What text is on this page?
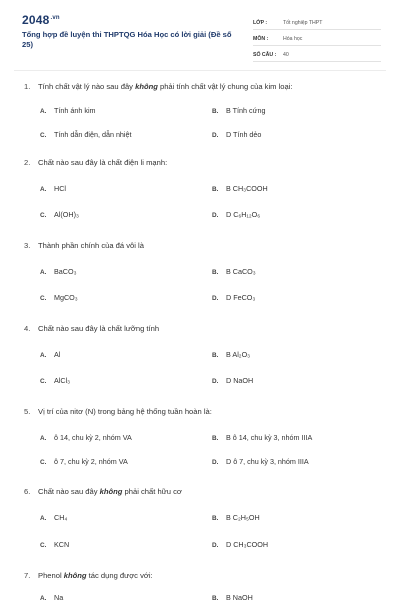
$2048^{.vn}$
Tổng hợp đề luyện thi THPTQG Hóa Học có lời giải (Đề số 25)
LỚP :	Tốt nghiệp THPT
MÔN :	Hóa học
SỐ CÂU :	40
1. Tính chất vật lý nào sau đây không phải tính chất vật lý chung của kim loại:
A. Tính ánh kim	B. B Tính cứng
C. Tính dẫn điện, dẫn nhiệt	D. D Tính dẻo
2. Chất nào sau đây là chất điện li mạnh:
A. HCl	B. B CH₃COOH
C. Al(OH)₃	D. D C₆H₁₂O₆
3. Thành phần chính của đá vôi là
A. BaCO₃	B. B CaCO₃
C. MgCO₃	D. D FeCO₃
4. Chất nào sau đây là chất lưỡng tính
A. Al	B. B Al₂O₃
C. AlCl₃	D. D NaOH
5. Vị trí của nitơ (N) trong bảng hệ thống tuần hoàn là:
A. ô 14, chu kỳ 2, nhóm VA	B. B ô 14, chu kỳ 3, nhóm IIIA
C. ô 7, chu kỳ 2, nhóm VA	D. D ô 7, chu kỳ 3, nhóm IIIA
6. Chất nào sau đây không phải chất hữu cơ
A. CH₄	B. B C₂H₅OH
C. KCN	D. D CH₃COOH
7. Phenol không tác dụng được với:
A. Na	B. B NaOH
